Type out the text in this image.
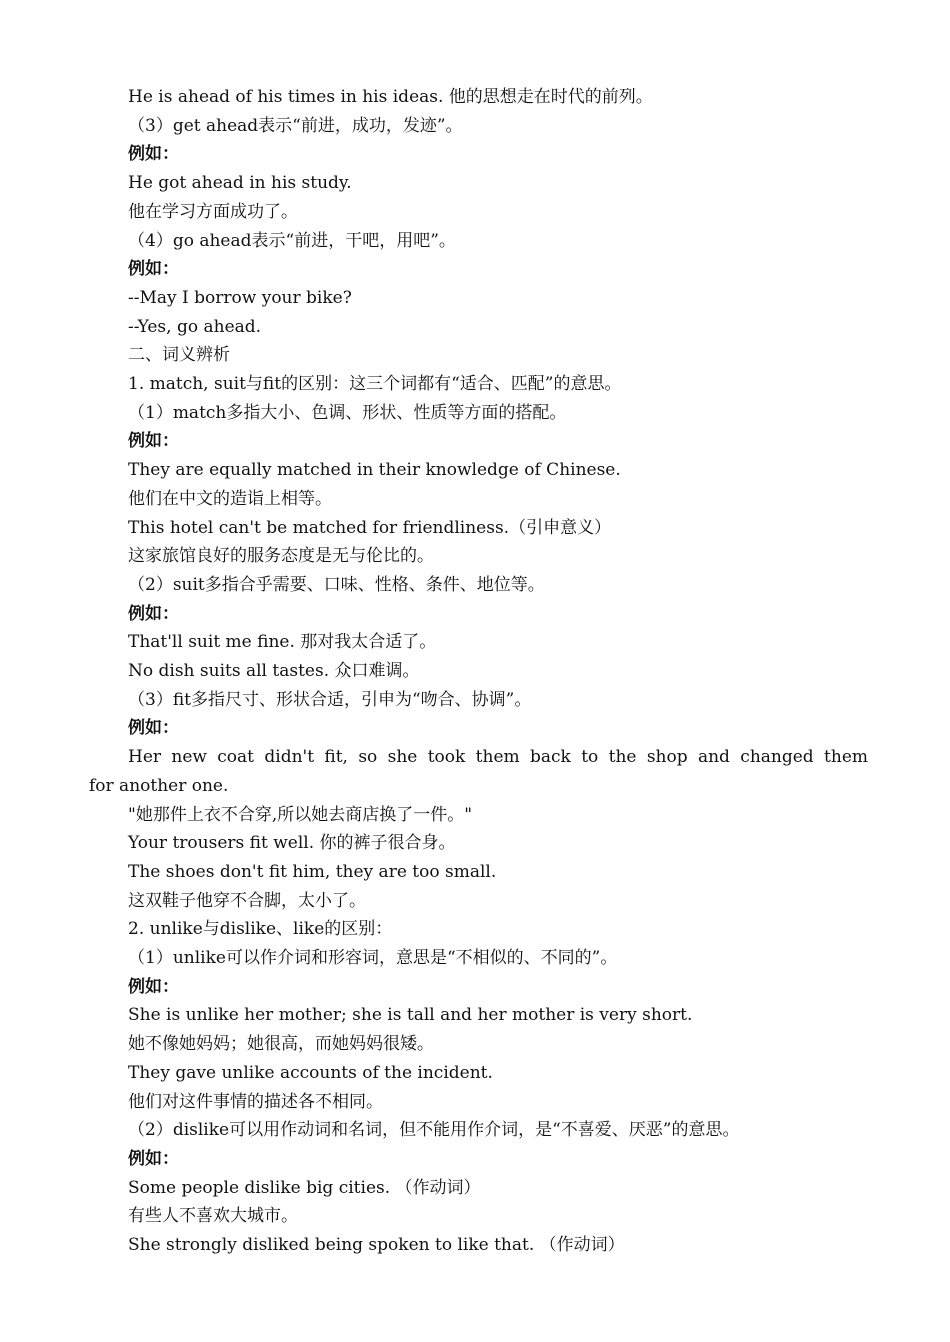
He is ahead of his times in his ideas. 他的思想走在时代的前列。
（3）get ahead表示“前进，成功，发迹”。
例如：
He got ahead in his study.
他在学习方面成功了。
（4）go ahead表示“前进，干吧，用吧”。
例如：
--May I borrow your bike?
--Yes, go ahead.
二、词义辨析
1. match, suit与fit的区别：这三个词都有“适合、匹配”的意思。
（1）match多指大小、色调、形状、性质等方面的搭配。
例如：
They are equally matched in their knowledge of Chinese.
他们在中文的造诣上相等。
This hotel can't be matched for friendliness.（引申意义）
这家旅馆良好的服务态度是无与伦比的。
（2）suit多指合乎需要、口味、性格、条件、地位等。
例如：
That'll suit me fine. 那对我太合适了。
No dish suits all tastes. 众口难调。
（3）fit多指尺寸、形状合适，引申为“吻合、协调”。
例如：
Her new coat didn't fit, so she took them back to the shop and changed them
for another one.
"她那件上衣不合穿,所以她去商店换了一件。"
Your trousers fit well. 你的裤子很合身。
The shoes don't fit him, they are too small.
这双鞋子他穿不合脚，太小了。
2. unlike与dislike、like的区别：
（1）unlike可以作介词和形容词，意思是“不相似的、不同的”。
例如：
She is unlike her mother; she is tall and her mother is very short.
她不像她妈妈；她很高，而她妈妈很矮。
They gave unlike accounts of the incident.
他们对这件事情的描述各不相同。
（2）dislike可以用作动词和名词，但不能用作介词，是“不喜爱、厌恶”的意思。
例如：
Some people dislike big cities. （作动词）
有些人不喜欢大城市。
She strongly disliked being spoken to like that. （作动词）
